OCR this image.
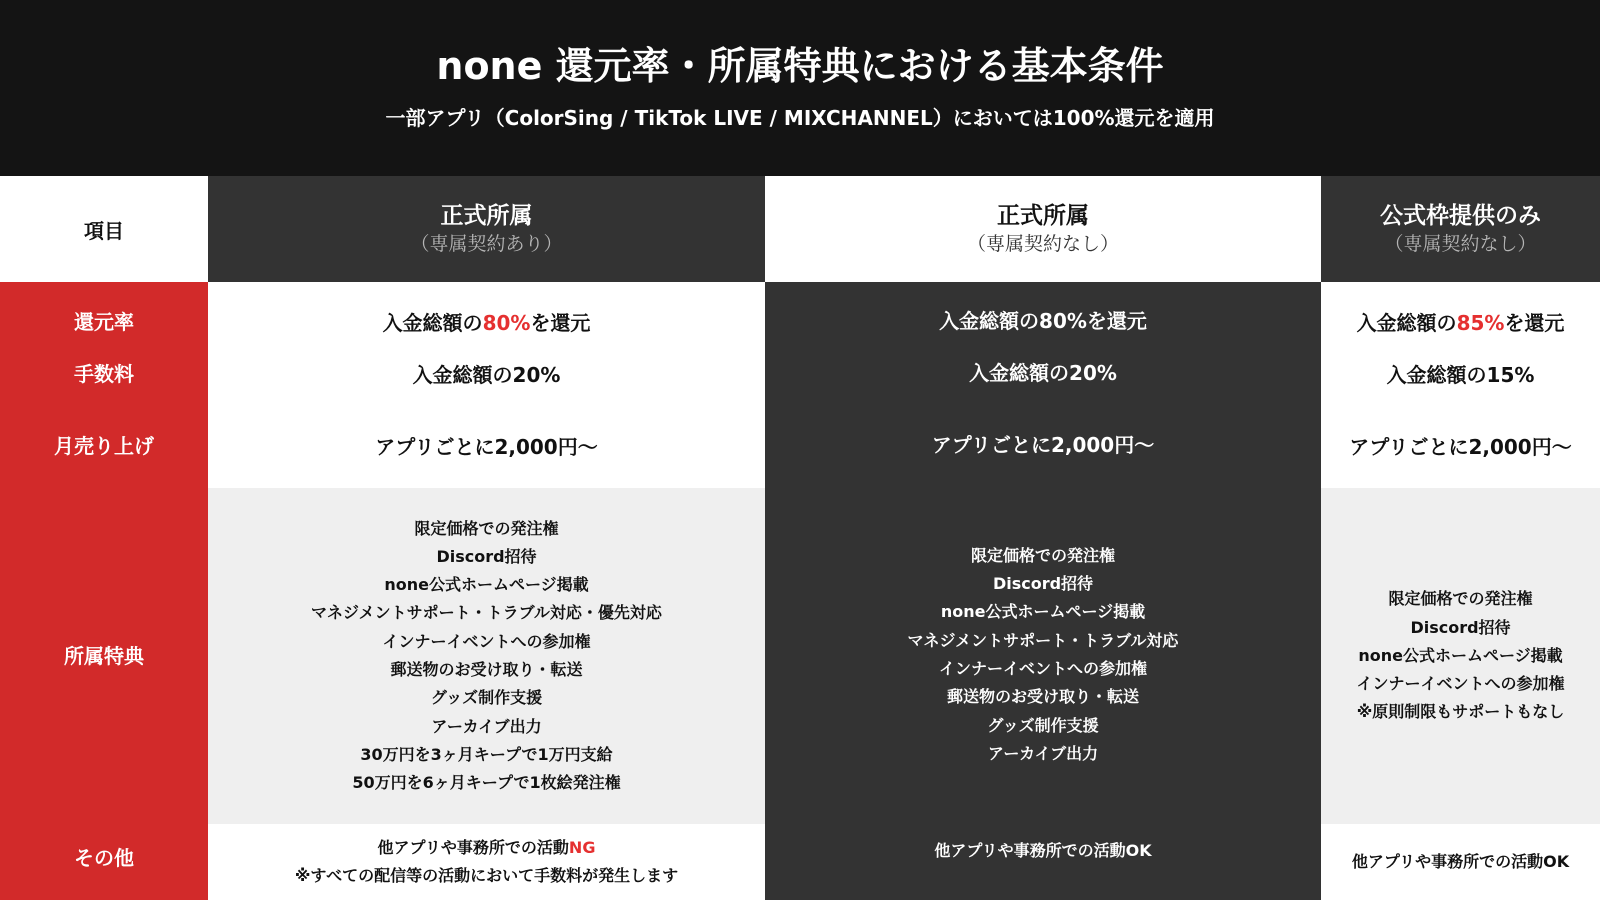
none 還元率・所属特典における基本条件
一部アプリ（ColorSing / TikTok LIVE / MIXCHANNEL）においては100%還元を適用
項目
正式所属
（専属契約あり）
正式所属
（専属契約なし）
公式枠提供のみ
（専属契約なし）
還元率
手数料
月売り上げ
所属特典
その他
入金総額の80%を還元
入金総額の20%
アプリごとに2,000円〜
限定価格での発注権
Discord招待
none公式ホームページ掲載
マネジメントサポート・トラブル対応・優先対応
インナーイベントへの参加権
郵送物のお受け取り・転送
グッズ制作支援
アーカイブ出力
30万円を3ヶ月キープで1万円支給
50万円を6ヶ月キープで1枚絵発注権
他アプリや事務所での活動NG
※すべての配信等の活動において手数料が発生します
入金総額の80%を還元
入金総額の20%
アプリごとに2,000円〜
限定価格での発注権
Discord招待
none公式ホームページ掲載
マネジメントサポート・トラブル対応
インナーイベントへの参加権
郵送物のお受け取り・転送
グッズ制作支援
アーカイブ出力
他アプリや事務所での活動OK
入金総額の85%を還元
入金総額の15%
アプリごとに2,000円〜
限定価格での発注権
Discord招待
none公式ホームページ掲載
インナーイベントへの参加権
※原則制限もサポートもなし
他アプリや事務所での活動OK
